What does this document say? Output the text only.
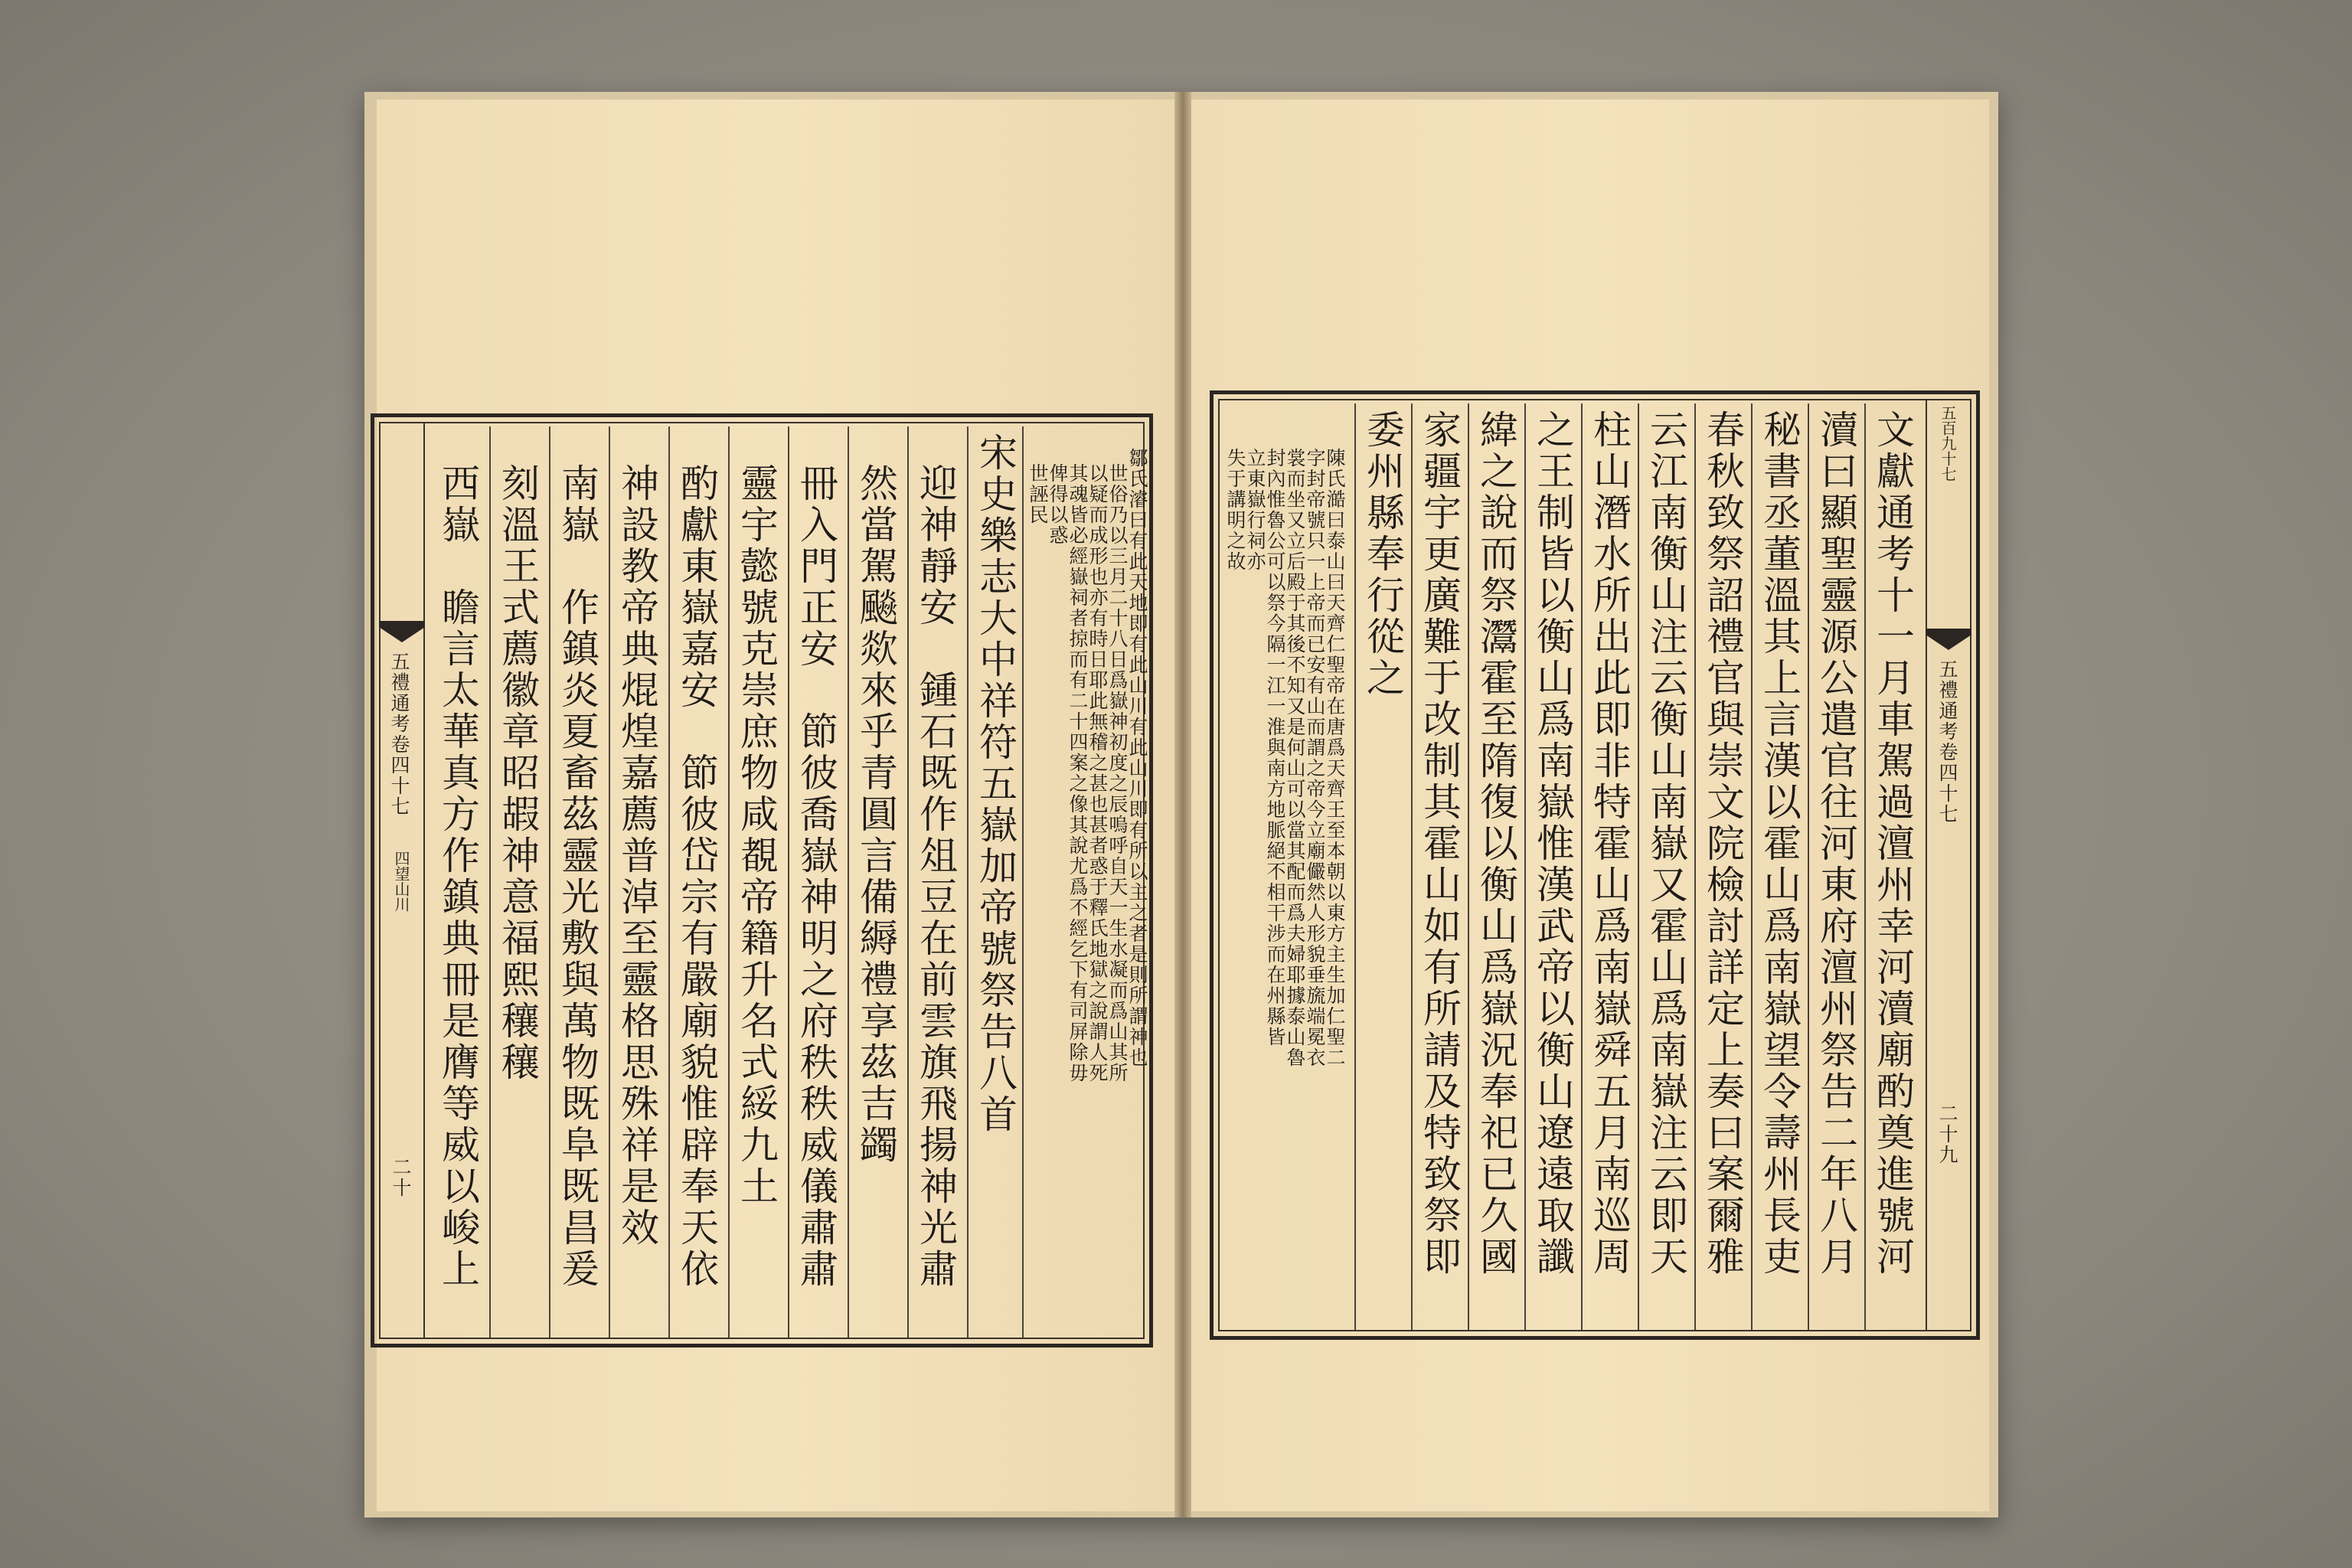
五禮通考卷四十七
四望山川
二十 西嶽　瞻言太華真方作鎮典冊是膺等威以峻上 刻溫王式薦徽章昭嘏神意福熙穰穰 南嶽　作鎮炎夏畜茲靈光敷與萬物既阜既昌爰 神設教帝典焜煌嘉薦普淖至靈格思殊祥是效 酌獻東嶽嘉安　節彼岱宗有嚴廟貌惟辟奉天依 靈宇懿號克崇庶物咸覩帝籍升名式綏九土 冊入門正安　節彼喬嶽神明之府秩秩威儀肅肅 然當駕飈欻來乎青圓言備縟禮享茲吉蠲 迎神靜安　鍾石既作俎豆在前雲旗飛揚神光肅 宋史樂志大中祥符五嶽加帝號祭告八首 世誣民
俾得以惑
其魂皆必經嶽祠者掠而有二十四案之像其說尤爲不經乞下有司屏除毋
以疑而成形也亦有時日耶此無稽之甚也甚者惑于釋氏地獄之說謂人死
世俗乃以三月二十八日爲嶽神初度之辰嗚呼自天一生水凝而爲山其所
鄒氏濬曰有此天地即有此山川有此山川即有所以主之者是則所謂神也	失于講明之故
立東嶽行祠亦
封內惟魯公可以祭今隔一江一淮與南方地脈絕不相干涉而在州縣皆
裳而坐又立后殿于其後不知又是何山可以當其配而爲夫婦耶據泰山魯
字封帝號只一上帝而已安有山而謂之帝今立廟儼然人形貌垂旒端冕衣
陳氏澔曰泰山曰天齊仁聖帝在唐爲天齊王至本朝以東方主生加仁聖二 委州縣奉行從之 家疆宇更廣難于改制其霍山如有所請及特致祭即 緯之說而祭灊霍至隋復以衡山爲嶽況奉祀已久國 之王制皆以衡山爲南嶽惟漢武帝以衡山遼遠取讖 柱山潛水所出此即非特霍山爲南嶽舜五月南巡周 云江南衡山注云衡山南嶽又霍山爲南嶽注云即天 春秋致祭詔禮官與崇文院檢討詳定上奏曰案爾雅 秘書丞董溫其上言漢以霍山爲南嶽望令壽州長吏 瀆曰顯聖靈源公遣官往河東府澶州祭告二年八月 文獻通考十一月車駕過澶州幸河瀆廟酌奠進號河 五百九十七
五禮通考卷四十七
二十九
